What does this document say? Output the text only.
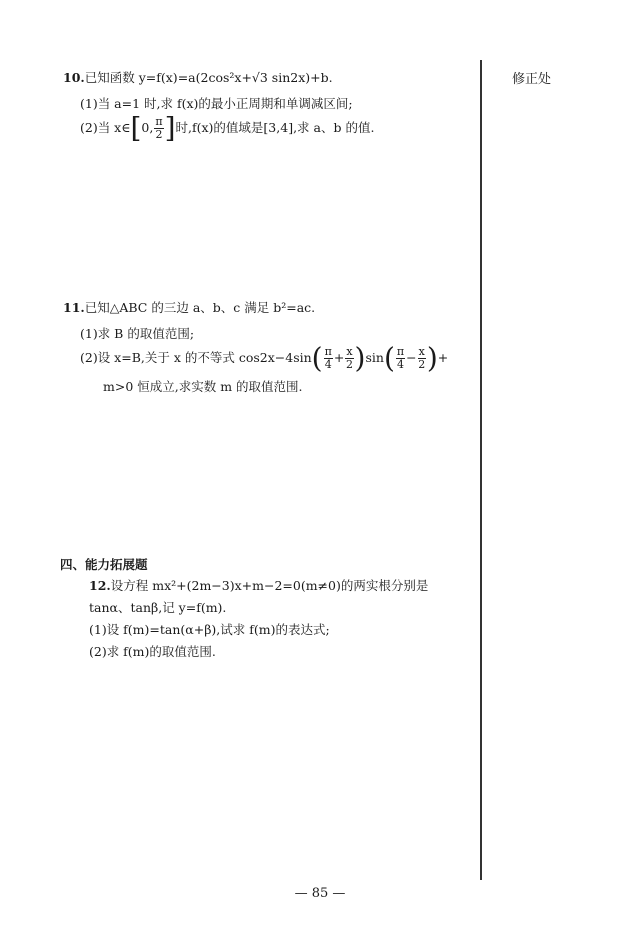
修正处
10.已知函数 y=f(x)=a(2cos²x+√3 sin2x)+b.
(1)当 a=1 时,求 f(x)的最小正周期和单调减区间;
(2)当 x∈[0, $\frac{\pi}{2}$ ]时,f(x)的值域是[3,4],求 a、b 的值.
11.已知△ABC 的三边 a、b、c 满足 b²=ac.
(1)求 B 的取值范围;
(2)设 x=B,关于 x 的不等式 $\cos 2x-4\sin( \frac{\pi}{4} + \frac{x}{2} )\sin( \frac{\pi}{4} - \frac{x}{2}$ )+
m>0 恒成立,求实数 m 的取值范围.
四、能力拓展题
12.设方程 mx²+(2m−3)x+m−2=0(m≠0)的两实根分别是
tanα、tanβ,记 y=f(m).
(1)设 f(m)=tan(α+β),试求 f(m)的表达式;
(2)求 f(m)的取值范围.
— 85 —
